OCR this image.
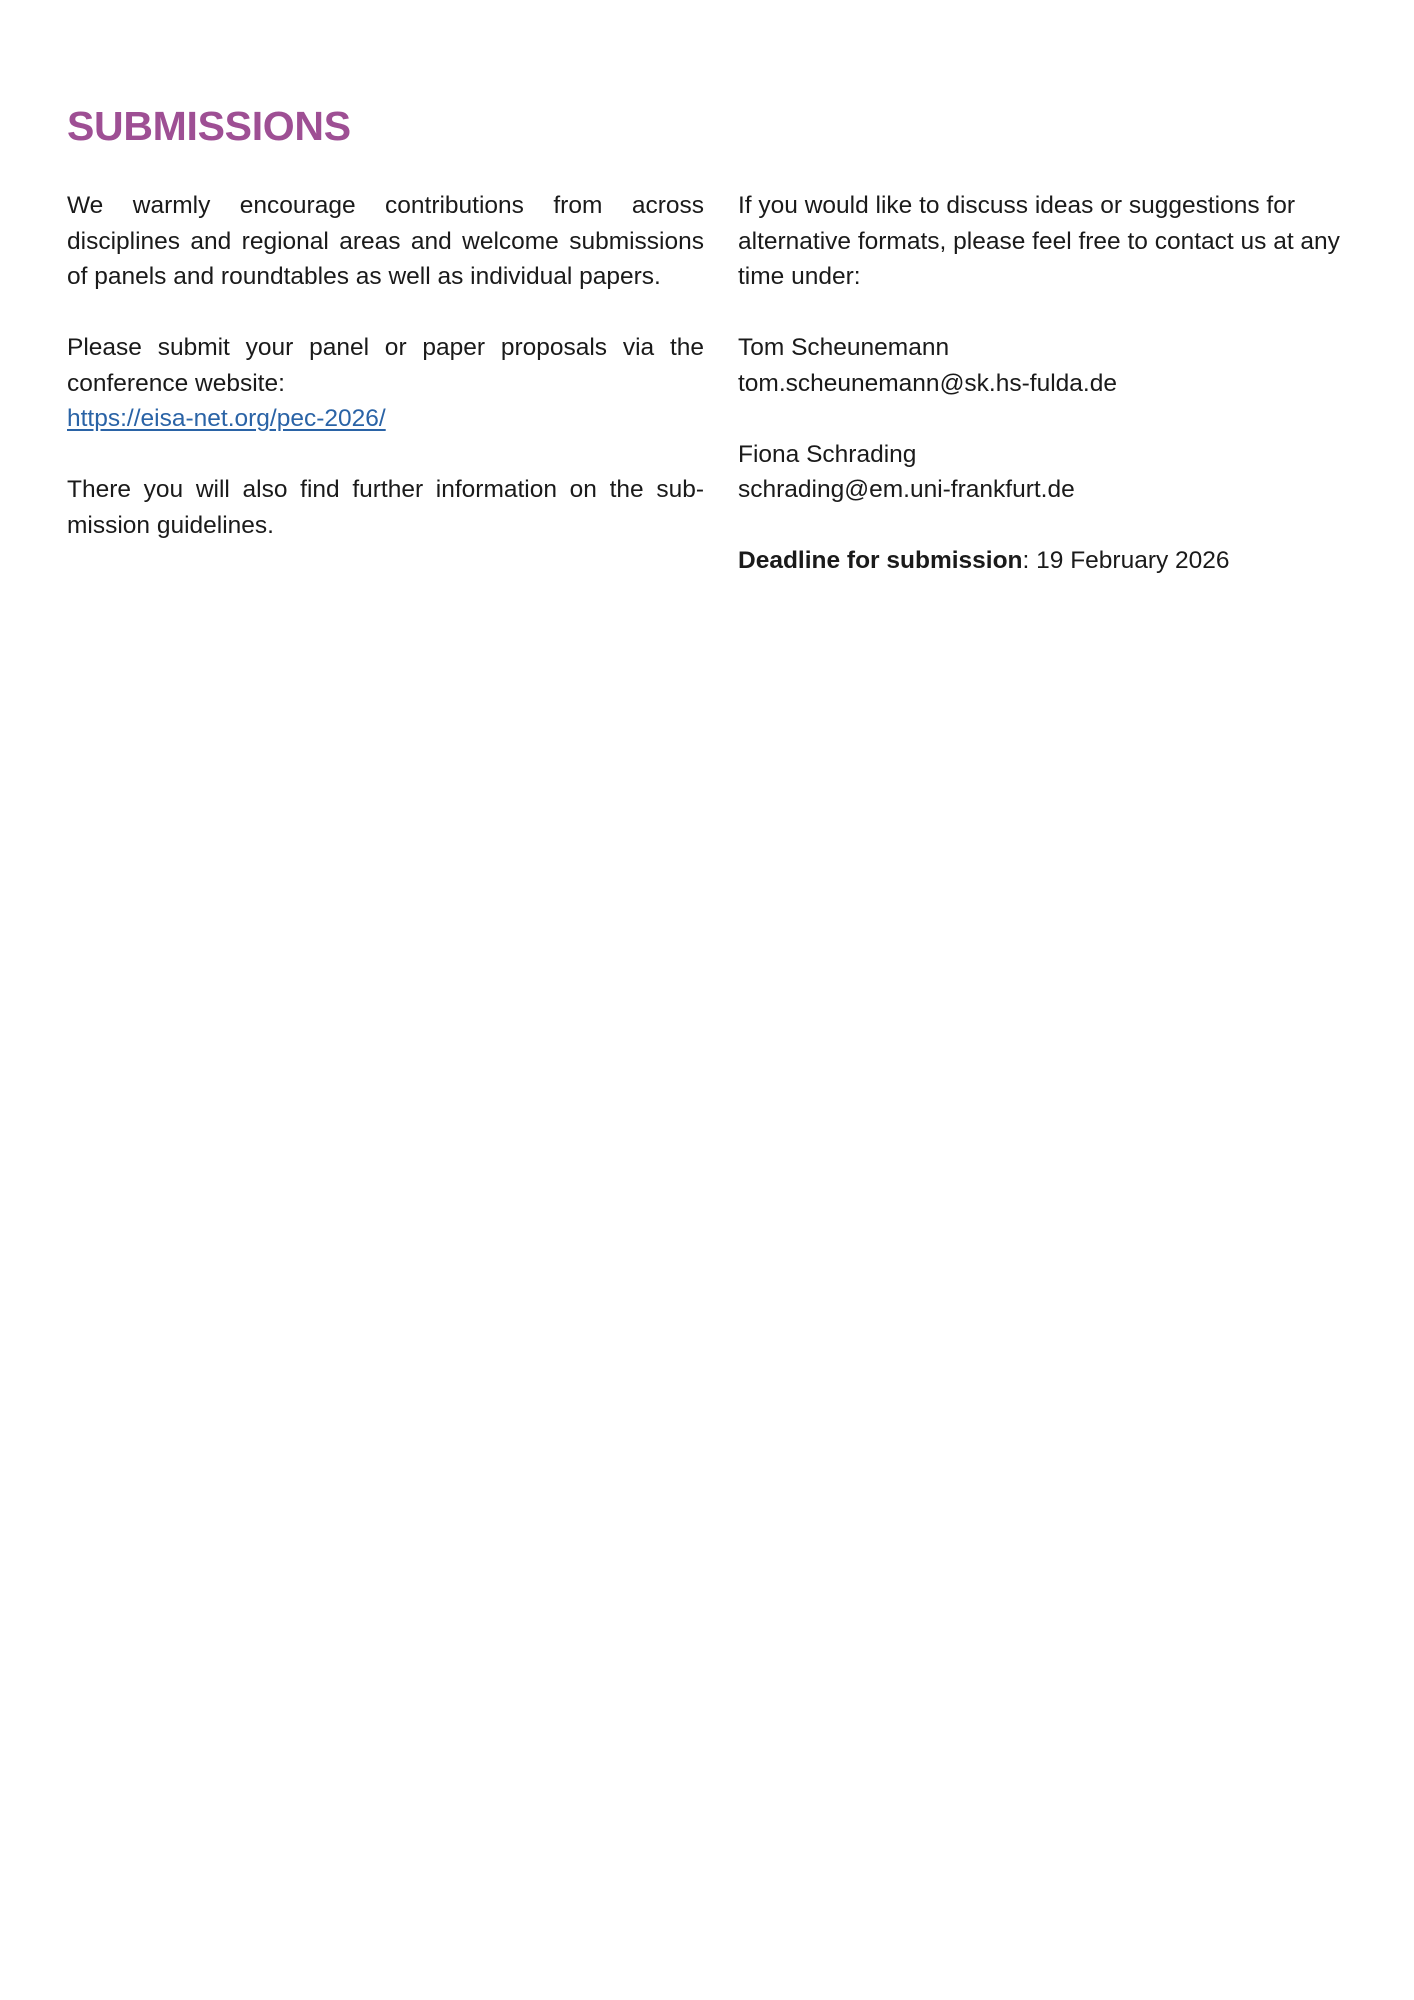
SUBMISSIONS

We warmly encourage contributions from across disciplines and regional areas and welcome submissions of panels and roundtables as well as individual papers.

Please submit your panel or paper proposals via the conference website:
https://eisa-net.org/pec-2026/

There you will also find further information on the submission guidelines.

If you would like to discuss ideas or suggestions for alternative formats, please feel free to contact us at any time under:

Tom Scheunemann
tom.scheunemann@sk.hs-fulda.de

Fiona Schrading
schrading@em.uni-frankfurt.de

Deadline for submission: 19 February 2026
